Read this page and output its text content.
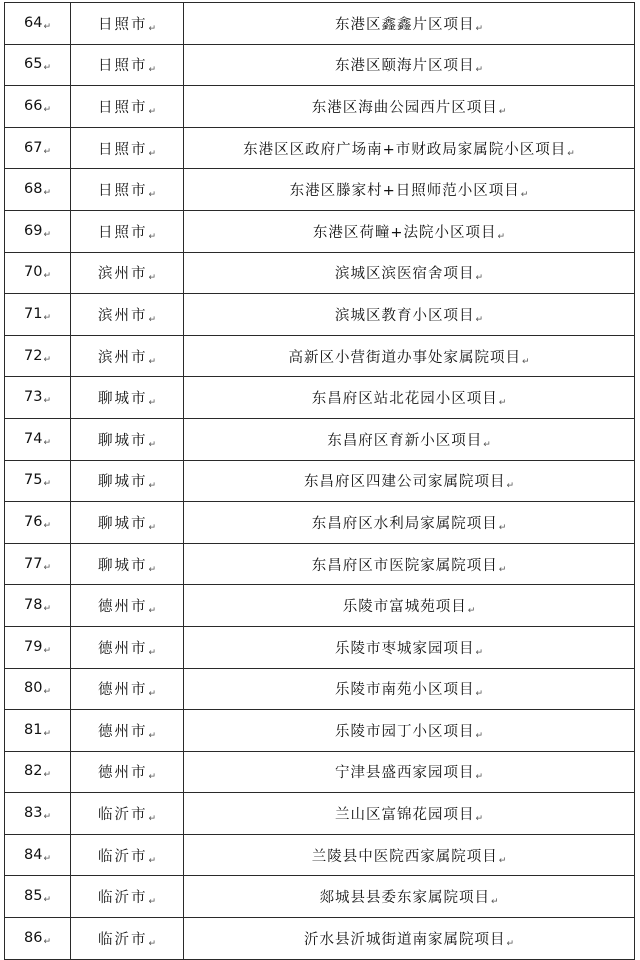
64↵	日照市↵	东港区鑫鑫片区项目↵
65↵	日照市↵	东港区颐海片区项目↵
66↵	日照市↵	东港区海曲公园西片区项目↵
67↵	日照市↵	东港区区政府广场南+市财政局家属院小区项目↵
68↵	日照市↵	东港区滕家村+日照师范小区项目↵
69↵	日照市↵	东港区荷疃+法院小区项目↵
70↵	滨州市↵	滨城区滨医宿舍项目↵
71↵	滨州市↵	滨城区教育小区项目↵
72↵	滨州市↵	高新区小营街道办事处家属院项目↵
73↵	聊城市↵	东昌府区站北花园小区项目↵
74↵	聊城市↵	东昌府区育新小区项目↵
75↵	聊城市↵	东昌府区四建公司家属院项目↵
76↵	聊城市↵	东昌府区水利局家属院项目↵
77↵	聊城市↵	东昌府区市医院家属院项目↵
78↵	德州市↵	乐陵市富城苑项目↵
79↵	德州市↵	乐陵市枣城家园项目↵
80↵	德州市↵	乐陵市南苑小区项目↵
81↵	德州市↵	乐陵市园丁小区项目↵
82↵	德州市↵	宁津县盛西家园项目↵
83↵	临沂市↵	兰山区富锦花园项目↵
84↵	临沂市↵	兰陵县中医院西家属院项目↵
85↵	临沂市↵	郯城县县委东家属院项目↵
86↵	临沂市↵	沂水县沂城街道南家属院项目↵
